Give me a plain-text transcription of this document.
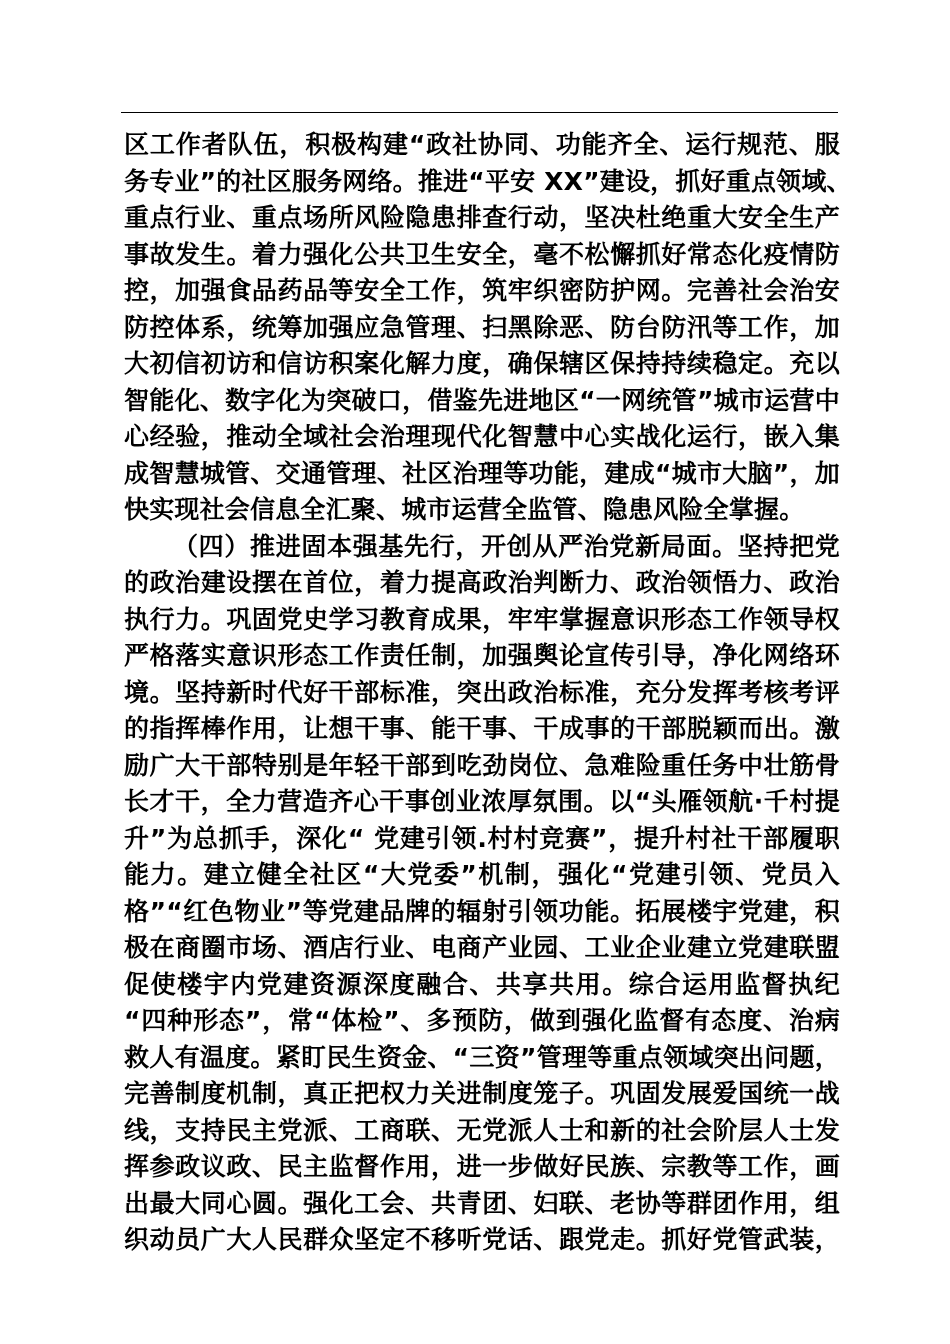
区工作者队伍，积极构建“政社协同、功能齐全、运行规范、服
务专业”的社区服务网络。推进“平安 XX”建设，抓好重点领域、
重点行业、重点场所风险隐患排查行动，坚决杜绝重大安全生产
事故发生。着力强化公共卫生安全，毫不松懈抓好常态化疫情防
控，加强食品药品等安全工作，筑牢织密防护网。完善社会治安
防控体系，统筹加强应急管理、扫黑除恶、防台防汛等工作，加
大初信初访和信访积案化解力度，确保辖区保持持续稳定。充以
智能化、数字化为突破口，借鉴先进地区“一网统管”城市运营中
心经验，推动全域社会治理现代化智慧中心实战化运行，嵌入集
成智慧城管、交通管理、社区治理等功能，建成“城市大脑”，加
快实现社会信息全汇聚、城市运营全监管、隐患风险全掌握。
（四）推进固本强基先行，开创从严治党新局面。坚持把党
的政治建设摆在首位，着力提高政治判断力、政治领悟力、政治
执行力。巩固党史学习教育成果，牢牢掌握意识形态工作领导权
严格落实意识形态工作责任制，加强舆论宣传引导，净化网络环
境。坚持新时代好干部标准，突出政治标准，充分发挥考核考评
的指挥棒作用，让想干事、能干事、干成事的干部脱颖而出。激
励广大干部特别是年轻干部到吃劲岗位、急难险重任务中壮筋骨
长才干，全力营造齐心干事创业浓厚氛围。以“头雁领航·千村提
升”为总抓手，深化“ 党建引领.村村竞赛”，提升村社干部履职
能力。建立健全社区“大党委”机制，强化“党建引领、党员入
格”“红色物业”等党建品牌的辐射引领功能。拓展楼宇党建，积
极在商圈市场、酒店行业、电商产业园、工业企业建立党建联盟
促使楼宇内党建资源深度融合、共享共用。综合运用监督执纪
“四种形态”，常“体检”、多预防，做到强化监督有态度、治病
救人有温度。紧盯民生资金、“三资”管理等重点领域突出问题，
完善制度机制，真正把权力关进制度笼子。巩固发展爱国统一战
线，支持民主党派、工商联、无党派人士和新的社会阶层人士发
挥参政议政、民主监督作用，进一步做好民族、宗教等工作，画
出最大同心圆。强化工会、共青团、妇联、老协等群团作用，组
织动员广大人民群众坚定不移听党话、跟党走。抓好党管武装，
